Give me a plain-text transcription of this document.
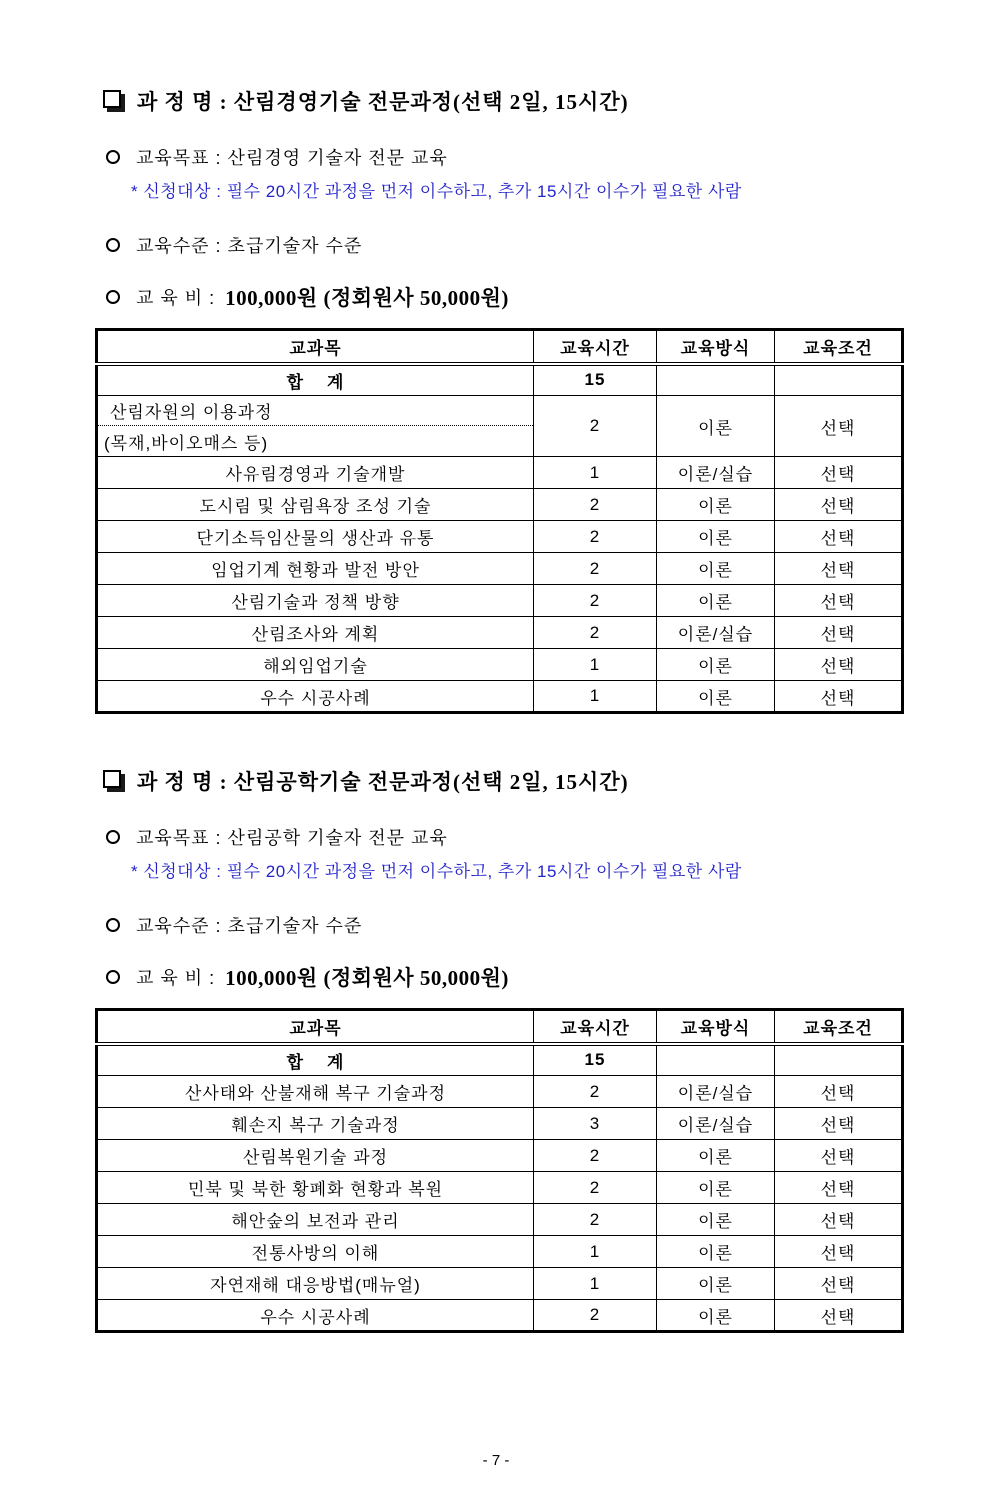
과 정 명 : 산림경영기술 전문과정(선택 2일, 15시간)
교육목표 : 산림경영 기술자 전문 교육
* 신청대상 : 필수 20시간 과정을 먼저 이수하고, 추가 15시간 이수가 필요한 사람
교육수준 : 초급기술자 수준
교 육 비 : 100,000원 (정회원사 50,000원)
교과목	교육시간	교육방식	교육조건
합    계	15		

산림자원의 이용과정
(목재,바이오매스 등)	2	이론	선택
사유림경영과 기술개발	1	이론/실습	선택
도시림 및 삼림욕장 조성 기술	2	이론	선택
단기소득임산물의 생산과 유통	2	이론	선택
임업기계 현황과 발전 방안	2	이론	선택
산림기술과 정책 방향	2	이론	선택
산림조사와 계획	2	이론/실습	선택
해외임업기술	1	이론	선택
우수 시공사례	1	이론	선택
과 정 명 : 산림공학기술 전문과정(선택 2일, 15시간)
교육목표 : 산림공학 기술자 전문 교육
* 신청대상 : 필수 20시간 과정을 먼저 이수하고, 추가 15시간 이수가 필요한 사람
교육수준 : 초급기술자 수준
교 육 비 : 100,000원 (정회원사 50,000원)
교과목	교육시간	교육방식	교육조건
합    계	15		
산사태와 산불재해 복구 기술과정	2	이론/실습	선택
훼손지 복구 기술과정	3	이론/실습	선택
산림복원기술 과정	2	이론	선택
민북 및 북한 황폐화 현황과 복원	2	이론	선택
해안숲의 보전과 관리	2	이론	선택
전통사방의 이해	1	이론	선택
자연재해 대응방법(매뉴얼)	1	이론	선택
우수 시공사례	2	이론	선택
- 7 -
